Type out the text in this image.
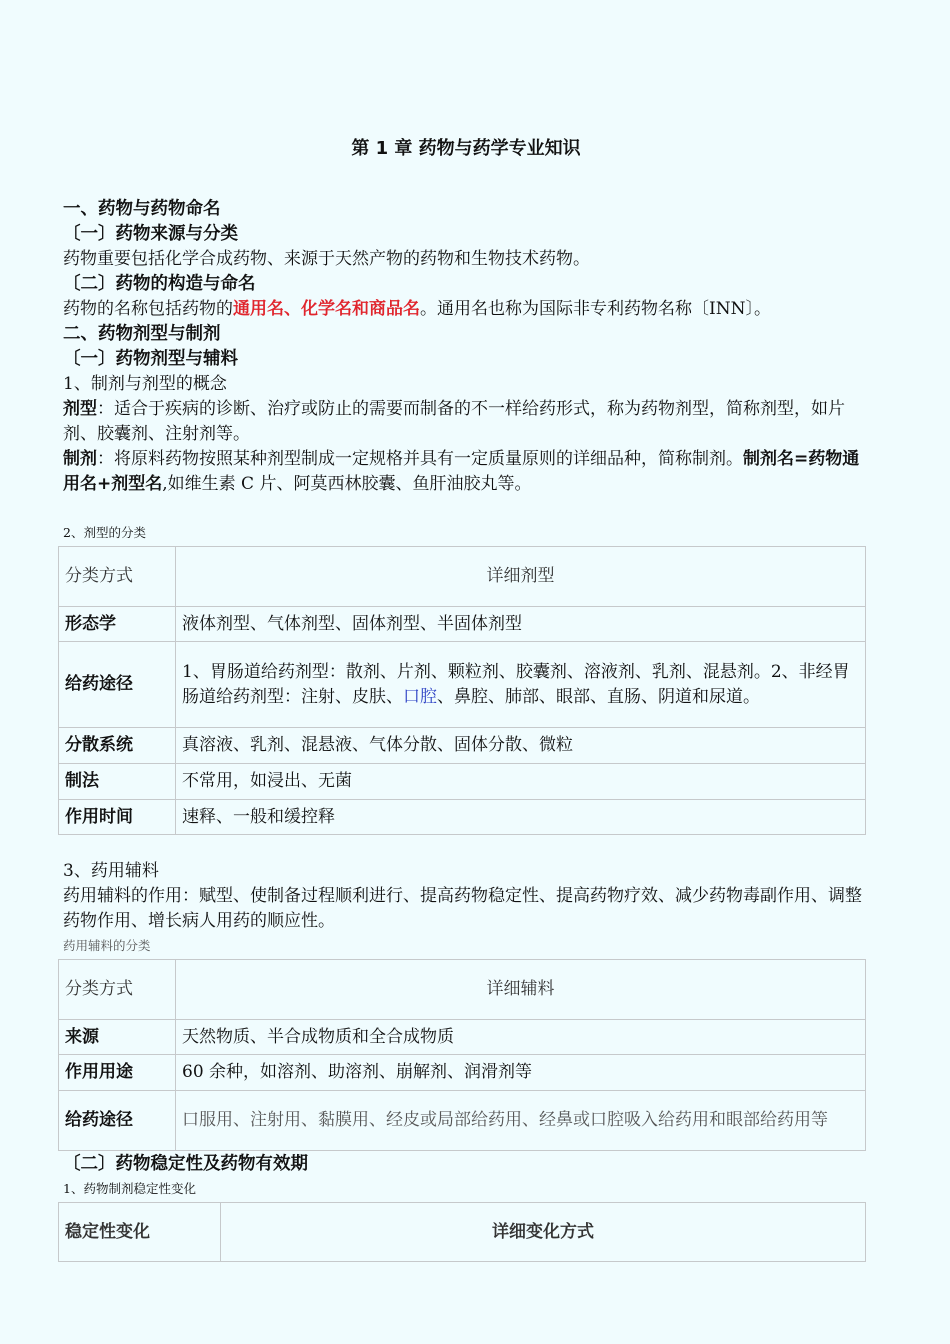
第 1 章 药物与药学专业知识
一、药物与药物命名
〔一〕药物来源与分类
药物重要包括化学合成药物、来源于天然产物的药物和生物技术药物。
〔二〕药物的构造与命名
药物的名称包括药物的通用名、化学名和商品名。通用名也称为国际非专利药物名称〔INN〕。
二、药物剂型与制剂
〔一〕药物剂型与辅料
1、制剂与剂型的概念
剂型：适合于疾病的诊断、治疗或防止的需要而制备的不一样给药形式，称为药物剂型，简称剂型，如片剂、胶囊剂、注射剂等。
制剂：将原料药物按照某种剂型制成一定规格并具有一定质量原则的详细品种，简称制剂。制剂名=药物通用名+剂型名,如维生素 C 片、阿莫西林胶囊、鱼肝油胶丸等。
2、剂型的分类
分类方式	详细剂型
形态学	液体剂型、气体剂型、固体剂型、半固体剂型
给药途径	1、胃肠道给药剂型：散剂、片剂、颗粒剂、胶囊剂、溶液剂、乳剂、混悬剂。2、非经胃肠道给药剂型：注射、皮肤、口腔、鼻腔、肺部、眼部、直肠、阴道和尿道。
分散系统	真溶液、乳剂、混悬液、气体分散、固体分散、微粒
制法	不常用，如浸出、无菌
作用时间	速释、一般和缓控释
3、药用辅料
药用辅料的作用：赋型、使制备过程顺利进行、提高药物稳定性、提高药物疗效、减少药物毒副作用、调整药物作用、增长病人用药的顺应性。
药用辅料的分类
分类方式	详细辅料
来源	天然物质、半合成物质和全合成物质
作用用途	60 余种，如溶剂、助溶剂、崩解剂、润滑剂等
给药途径	口服用、注射用、黏膜用、经皮或局部给药用、经鼻或口腔吸入给药用和眼部给药用等
〔二〕药物稳定性及药物有效期
1、药物制剂稳定性变化
稳定性变化	详细变化方式
